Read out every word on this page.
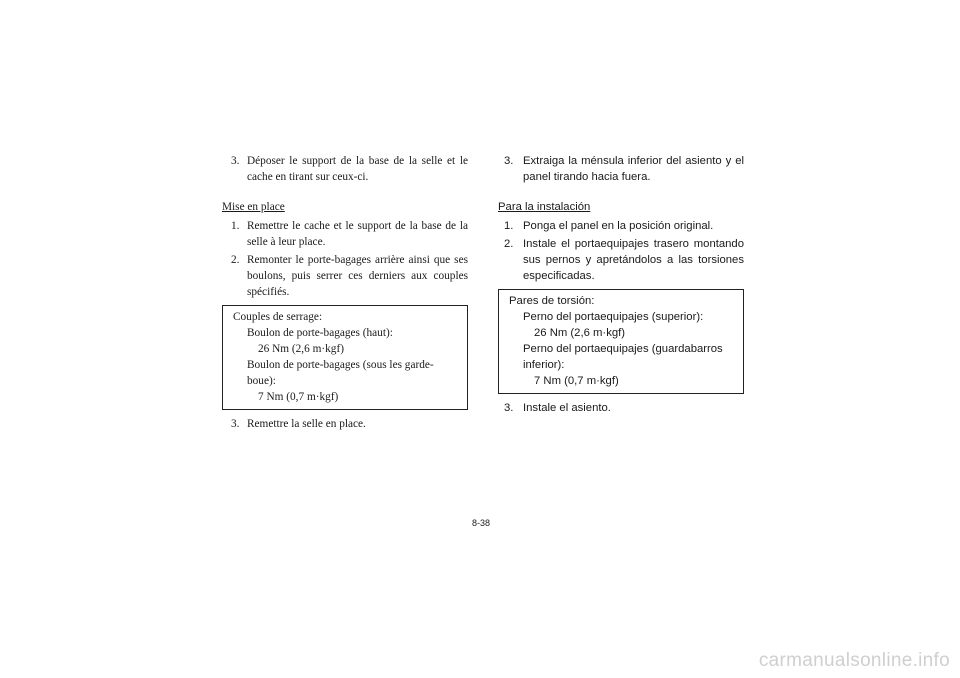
3. Déposer le support de la base de la selle et le cache en tirant sur ceux-ci.
Mise en place
1. Remettre le cache et le support de la base de la selle à leur place.
2. Remonter le porte-bagages arrière ainsi que ses boulons, puis serrer ces derniers aux couples spécifiés.
Couples de serrage:
Boulon de porte-bagages (haut):
26 Nm (2,6 m·kgf)
Boulon de porte-bagages (sous les garde-boue):
7 Nm (0,7 m·kgf)
3. Remettre la selle en place.
3. Extraiga la ménsula inferior del asiento y el panel tirando hacia fuera.
Para la instalación
1. Ponga el panel en la posición original.
2. Instale el portaequipajes trasero montando sus pernos y apretándolos a las torsiones especificadas.
Pares de torsión:
Perno del portaequipajes (superior):
26 Nm (2,6 m·kgf)
Perno del portaequipajes (guardabarros inferior):
7 Nm (0,7 m·kgf)
3. Instale el asiento.
8-38
carmanualsonline.info
